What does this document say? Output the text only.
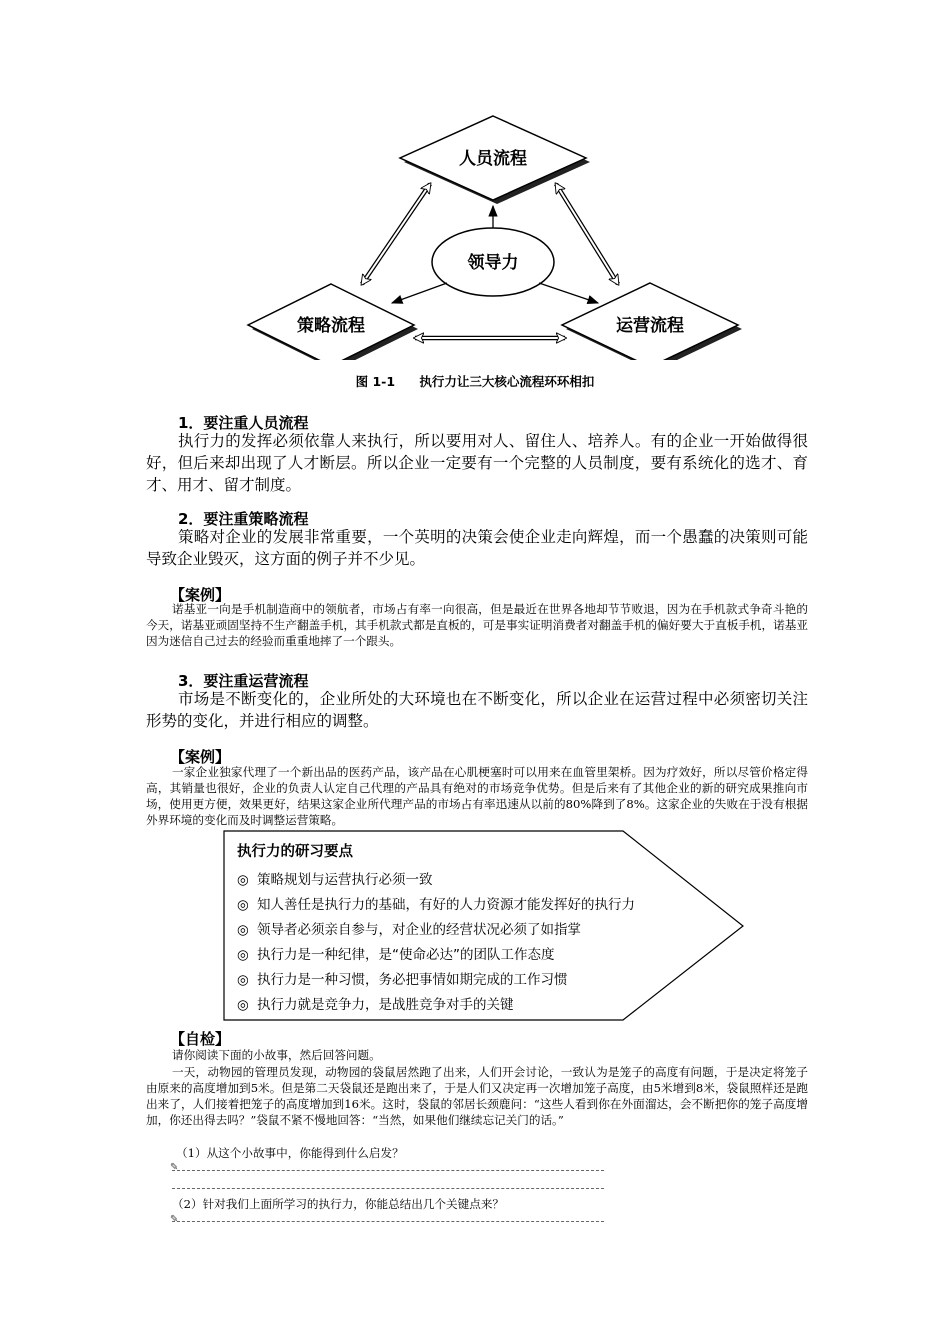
人员流程
策略流程	运营流程
领导力
图 1-1 执行力让三大核心流程环环相扣
1．要注重人员流程
执行力的发挥必须依靠人来执行，所以要用对人、留住人、培养人。有的企业一开始做得很好，但后来却出现了人才断层。所以企业一定要有一个完整的人员制度，要有系统化的选才、育才、用才、留才制度。
2．要注重策略流程
策略对企业的发展非常重要，一个英明的决策会使企业走向辉煌，而一个愚蠢的决策则可能导致企业毁灭，这方面的例子并不少见。
【案例】
诺基亚一向是手机制造商中的领航者，市场占有率一向很高，但是最近在世界各地却节节败退，因为在手机款式争奇斗艳的今天，诺基亚顽固坚持不生产翻盖手机，其手机款式都是直板的，可是事实证明消费者对翻盖手机的偏好要大于直板手机，诺基亚因为迷信自己过去的经验而重重地摔了一个跟头。
3．要注重运营流程
市场是不断变化的，企业所处的大环境也在不断变化，所以企业在运营过程中必须密切关注形势的变化，并进行相应的调整。
【案例】
一家企业独家代理了一个新出品的医药产品，该产品在心肌梗塞时可以用来在血管里架桥。因为疗效好，所以尽管价格定得高，其销量也很好，企业的负责人认定自己代理的产品具有绝对的市场竞争优势。但是后来有了其他企业的新的研究成果推向市场，使用更方便，效果更好，结果这家企业所代理产品的市场占有率迅速从以前的80%降到了8%。这家企业的失败在于没有根据外界环境的变化而及时调整运营策略。
执行力的研习要点
◎ 策略规划与运营执行必须一致
◎ 知人善任是执行力的基础，有好的人力资源才能发挥好的执行力
◎ 领导者必须亲自参与，对企业的经营状况必须了如指掌
◎ 执行力是一种纪律，是“使命必达”的团队工作态度
◎ 执行力是一种习惯，务必把事情如期完成的工作习惯
◎ 执行力就是竞争力，是战胜竞争对手的关键
【自检】
请你阅读下面的小故事，然后回答问题。
一天，动物园的管理员发现，动物园的袋鼠居然跑了出来，人们开会讨论，一致认为是笼子的高度有问题，于是决定将笼子由原来的高度增加到5米。但是第二天袋鼠还是跑出来了，于是人们又决定再一次增加笼子高度，由5米增到8米，袋鼠照样还是跑出来了，人们接着把笼子的高度增加到16米。这时，袋鼠的邻居长颈鹿问：“这些人看到你在外面溜达，会不断把你的笼子高度增加，你还出得去吗？”袋鼠不紧不慢地回答：“当然，如果他们继续忘记关门的话。”
（1）从这个小故事中，你能得到什么启发？
✎
（2）针对我们上面所学习的执行力，你能总结出几个关键点来？
✎
